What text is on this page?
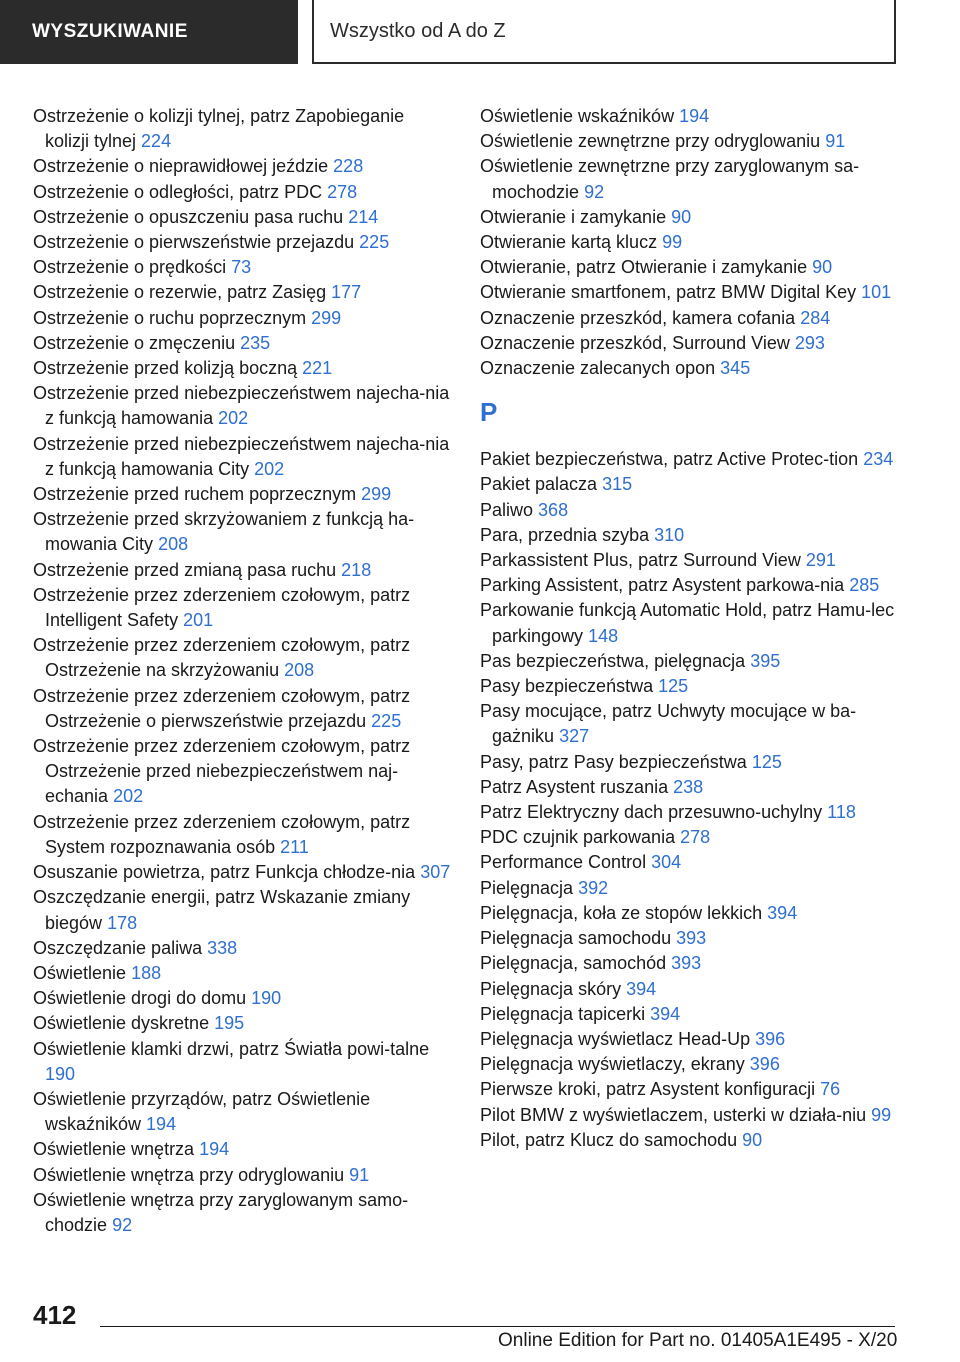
WYSZUKIWANIE	Wszystko od A do Z
Ostrzeżenie o kolizji tylnej, patrz Zapobieganie kolizji tylnej 224
Ostrzeżenie o nieprawidłowej jeździe 228
Ostrzeżenie o odległości, patrz PDC 278
Ostrzeżenie o opuszczeniu pasa ruchu 214
Ostrzeżenie o pierwszeństwie przejazdu 225
Ostrzeżenie o prędkości 73
Ostrzeżenie o rezerwie, patrz Zasięg 177
Ostrzeżenie o ruchu poprzecznym 299
Ostrzeżenie o zmęczeniu 235
Ostrzeżenie przed kolizją boczną 221
Ostrzeżenie przed niebezpieczeństwem najecha-nia z funkcją hamowania 202
Ostrzeżenie przed niebezpieczeństwem najecha-nia z funkcją hamowania City 202
Ostrzeżenie przed ruchem poprzecznym 299
Ostrzeżenie przed skrzyżowaniem z funkcją ha-mowania City 208
Ostrzeżenie przed zmianą pasa ruchu 218
Ostrzeżenie przez zderzeniem czołowym, patrz Intelligent Safety 201
Ostrzeżenie przez zderzeniem czołowym, patrz Ostrzeżenie na skrzyżowaniu 208
Ostrzeżenie przez zderzeniem czołowym, patrz Ostrzeżenie o pierwszeństwie przejazdu 225
Ostrzeżenie przez zderzeniem czołowym, patrz Ostrzeżenie przed niebezpieczeństwem naj-echania 202
Ostrzeżenie przez zderzeniem czołowym, patrz System rozpoznawania osób 211
Osuszanie powietrza, patrz Funkcja chłodze-nia 307
Oszczędzanie energii, patrz Wskazanie zmiany biegów 178
Oszczędzanie paliwa 338
Oświetlenie 188
Oświetlenie drogi do domu 190
Oświetlenie dyskretne 195
Oświetlenie klamki drzwi, patrz Światła powi-talne 190
Oświetlenie przyrządów, patrz Oświetlenie wskaźników 194
Oświetlenie wnętrza 194
Oświetlenie wnętrza przy odryglowaniu 91
Oświetlenie wnętrza przy zaryglowanym samo-chodzie 92
Oświetlenie wskaźników 194
Oświetlenie zewnętrzne przy odryglowaniu 91
Oświetlenie zewnętrzne przy zaryglowanym sa-mochodzie 92
Otwieranie i zamykanie 90
Otwieranie kartą klucz 99
Otwieranie, patrz Otwieranie i zamykanie 90
Otwieranie smartfonem, patrz BMW Digital Key 101
Oznaczenie przeszkód, kamera cofania 284
Oznaczenie przeszkód, Surround View 293
Oznaczenie zalecanych opon 345
P
Pakiet bezpieczeństwa, patrz Active Protec-tion 234
Pakiet palacza 315
Paliwo 368
Para, przednia szyba 310
Parkassistent Plus, patrz Surround View 291
Parking Assistent, patrz Asystent parkowa-nia 285
Parkowanie funkcją Automatic Hold, patrz Hamu-lec parkingowy 148
Pas bezpieczeństwa, pielęgnacja 395
Pasy bezpieczeństwa 125
Pasy mocujące, patrz Uchwyty mocujące w ba-gażniku 327
Pasy, patrz Pasy bezpieczeństwa 125
Patrz Asystent ruszania 238
Patrz Elektryczny dach przesuwno-uchylny 118
PDC czujnik parkowania 278
Performance Control 304
Pielęgnacja 392
Pielęgnacja, koła ze stopów lekkich 394
Pielęgnacja samochodu 393
Pielęgnacja, samochód 393
Pielęgnacja skóry 394
Pielęgnacja tapicerki 394
Pielęgnacja wyświetlacz Head-Up 396
Pielęgnacja wyświetlaczy, ekrany 396
Pierwsze kroki, patrz Asystent konfiguracji 76
Pilot BMW z wyświetlaczem, usterki w działa-niu 99
Pilot, patrz Klucz do samochodu 90
412
Online Edition for Part no. 01405A1E495 - X/20
